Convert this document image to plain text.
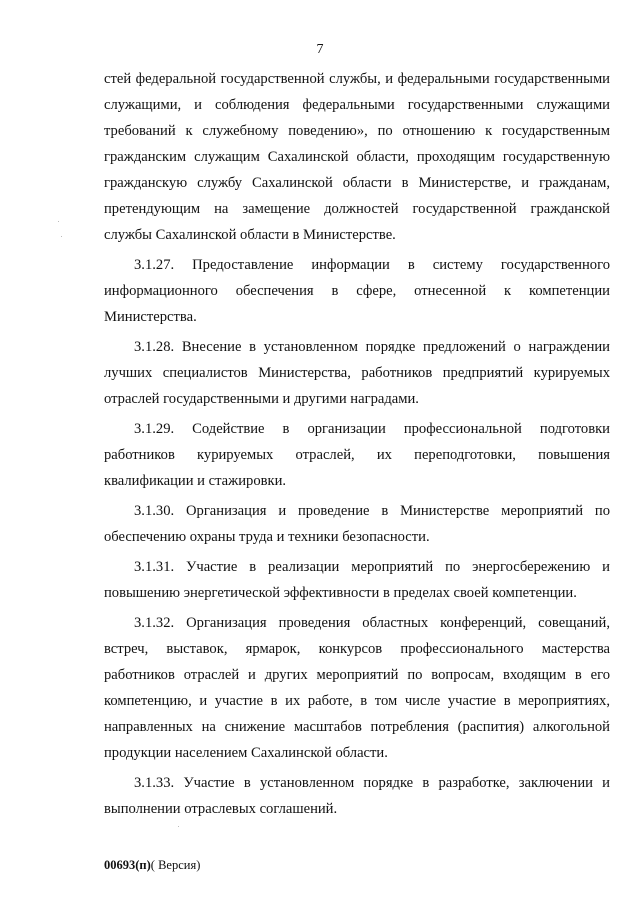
7

стей федеральной государственной службы, и федеральными государственными служащими, и соблюдения федеральными государственными служащими требований к служебному поведению», по отношению к государственным гражданским служащим Сахалинской области, проходящим государственную гражданскую службу Сахалинской области в Министерстве, и гражданам, претендующим на замещение должностей государственной гражданской службы Сахалинской области в Министерстве.

3.1.27. Предоставление информации в систему государственного информационного обеспечения в сфере, отнесенной к компетенции Министерства.

3.1.28. Внесение в установленном порядке предложений о награждении лучших специалистов Министерства, работников предприятий курируемых отраслей государственными и другими наградами.

3.1.29. Содействие в организации профессиональной подготовки работников курируемых отраслей, их переподготовки, повышения квалификации и стажировки.

3.1.30. Организация и проведение в Министерстве мероприятий по обеспечению охраны труда и техники безопасности.

3.1.31. Участие в реализации мероприятий по энергосбережению и повышению энергетической эффективности в пределах своей компетенции.

3.1.32. Организация проведения областных конференций, совещаний, встреч, выставок, ярмарок, конкурсов профессионального мастерства работников отраслей и других мероприятий по вопросам, входящим в его компетенцию, и участие в их работе, в том числе участие в мероприятиях, направленных на снижение масштабов потребления (распития) алкогольной продукции населением Сахалинской области.

3.1.33. Участие в установленном порядке в разработке, заключении и выполнении отраслевых соглашений.

00693(п)( Версия)
